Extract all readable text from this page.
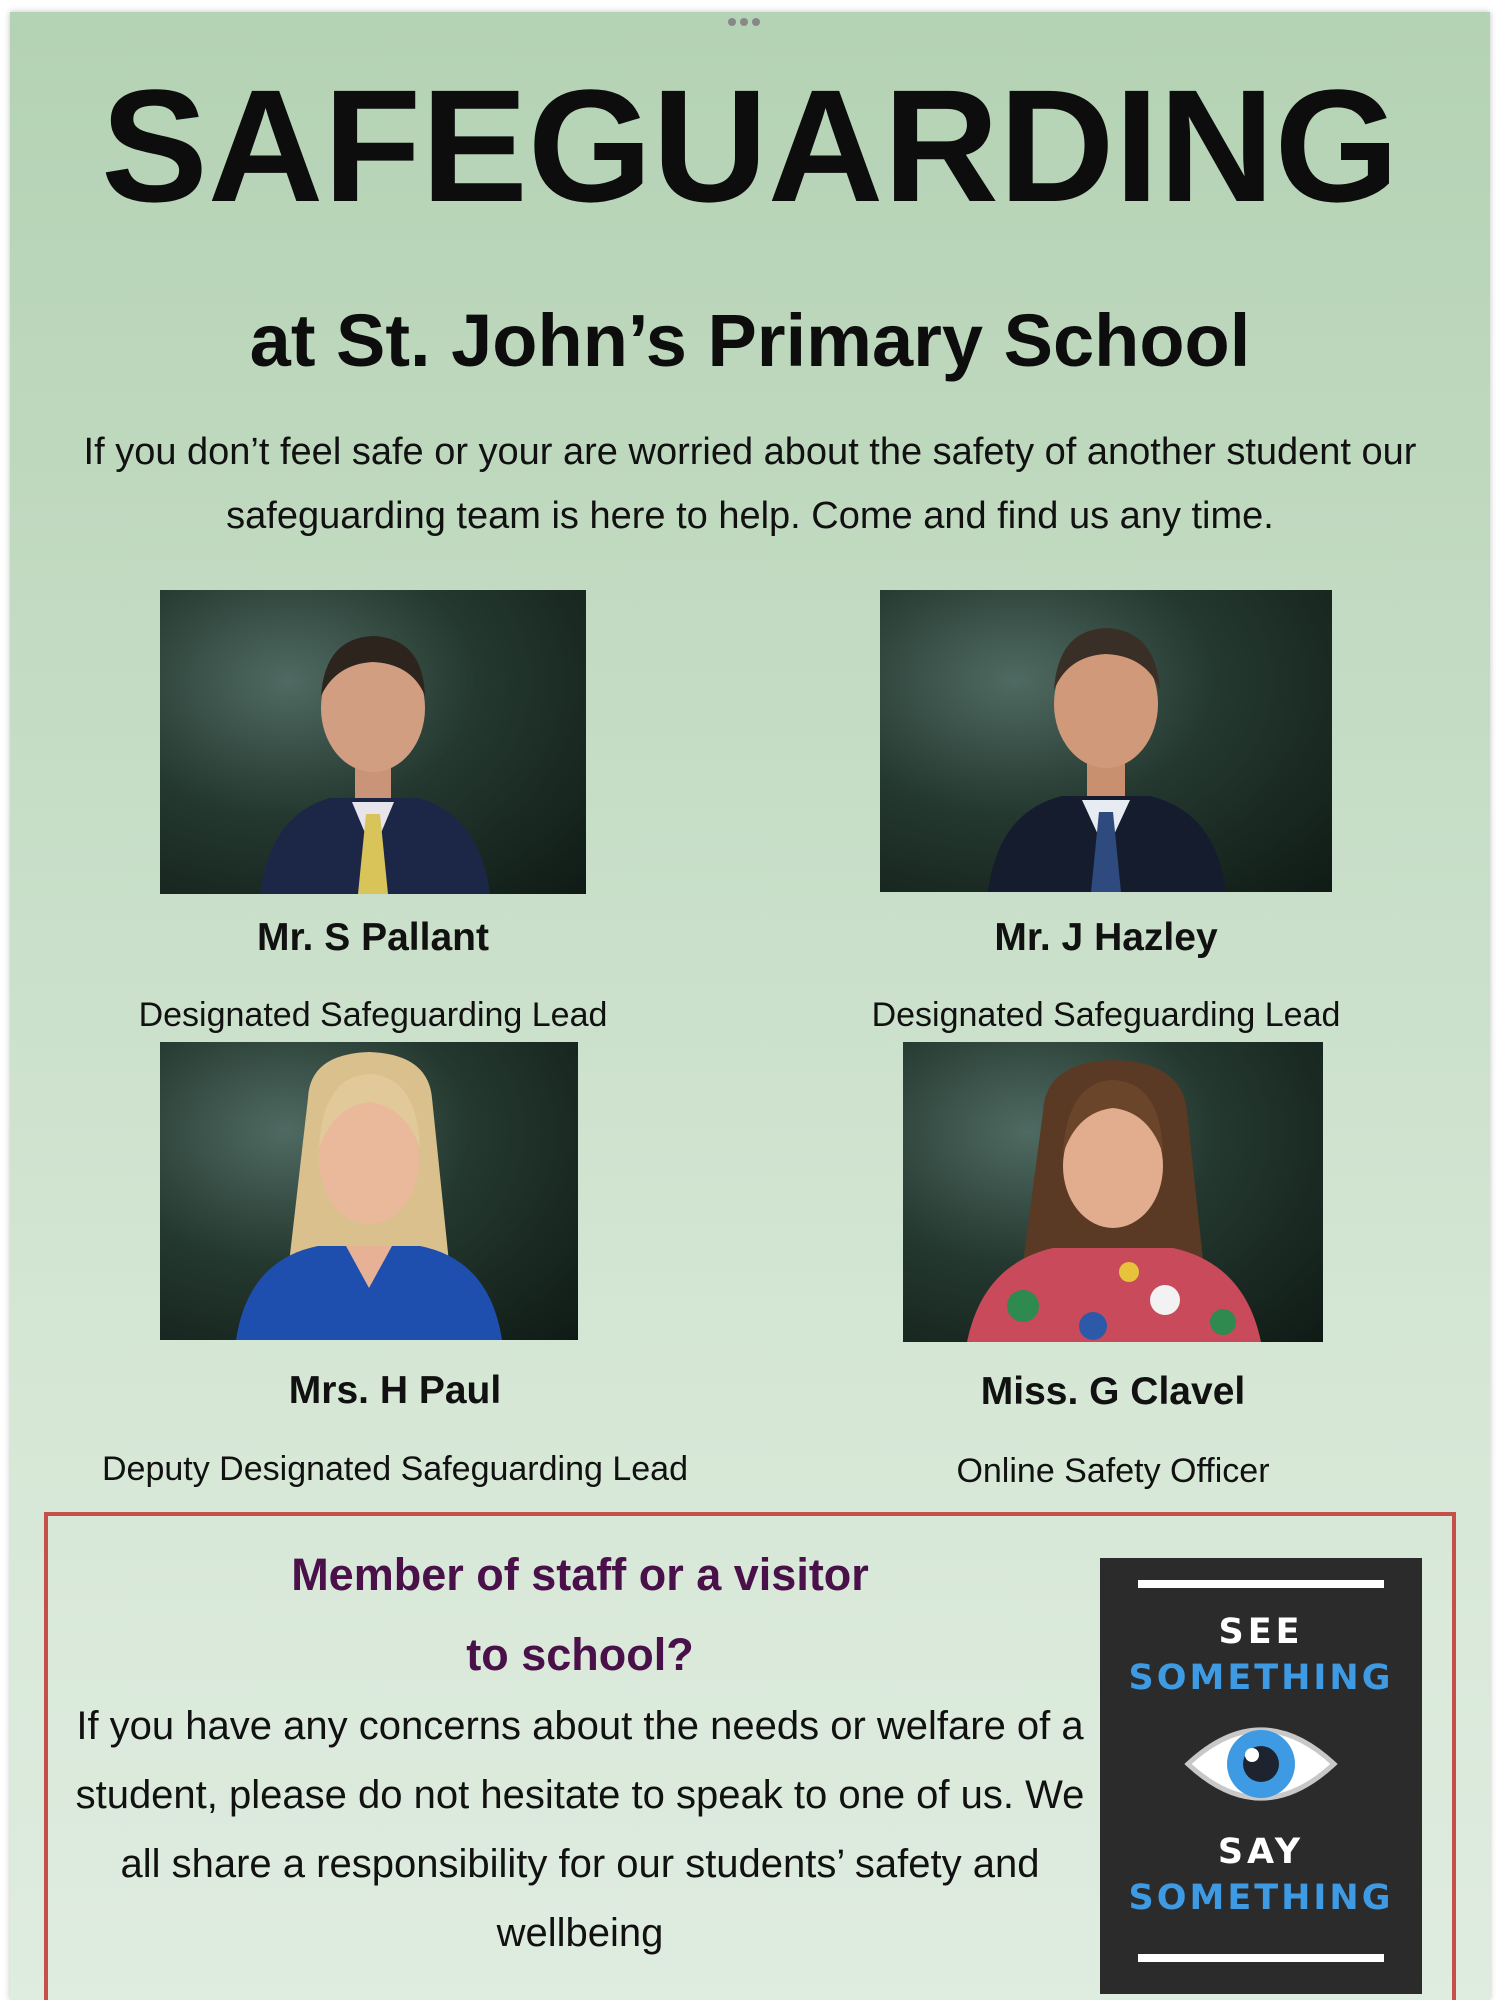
SAFEGUARDING
at St. John’s Primary School

If you don’t feel safe or your are worried about the safety of another student our safeguarding team is here to help. Come and find us any time.

Mr. S Pallant
Designated Safeguarding Lead
Mr. J Hazley
Designated Safeguarding Lead
Mrs. H Paul
Deputy Designated Safeguarding Lead
Miss. G Clavel
Online Safety Officer
Member of staff or a visitor
to school?

If you have any concerns about the needs or welfare of a student, please do not hesitate to speak to one of us. We all share a responsibility for our students’ safety and wellbeing

SEE
SOMETHING
SAY
SOMETHING
